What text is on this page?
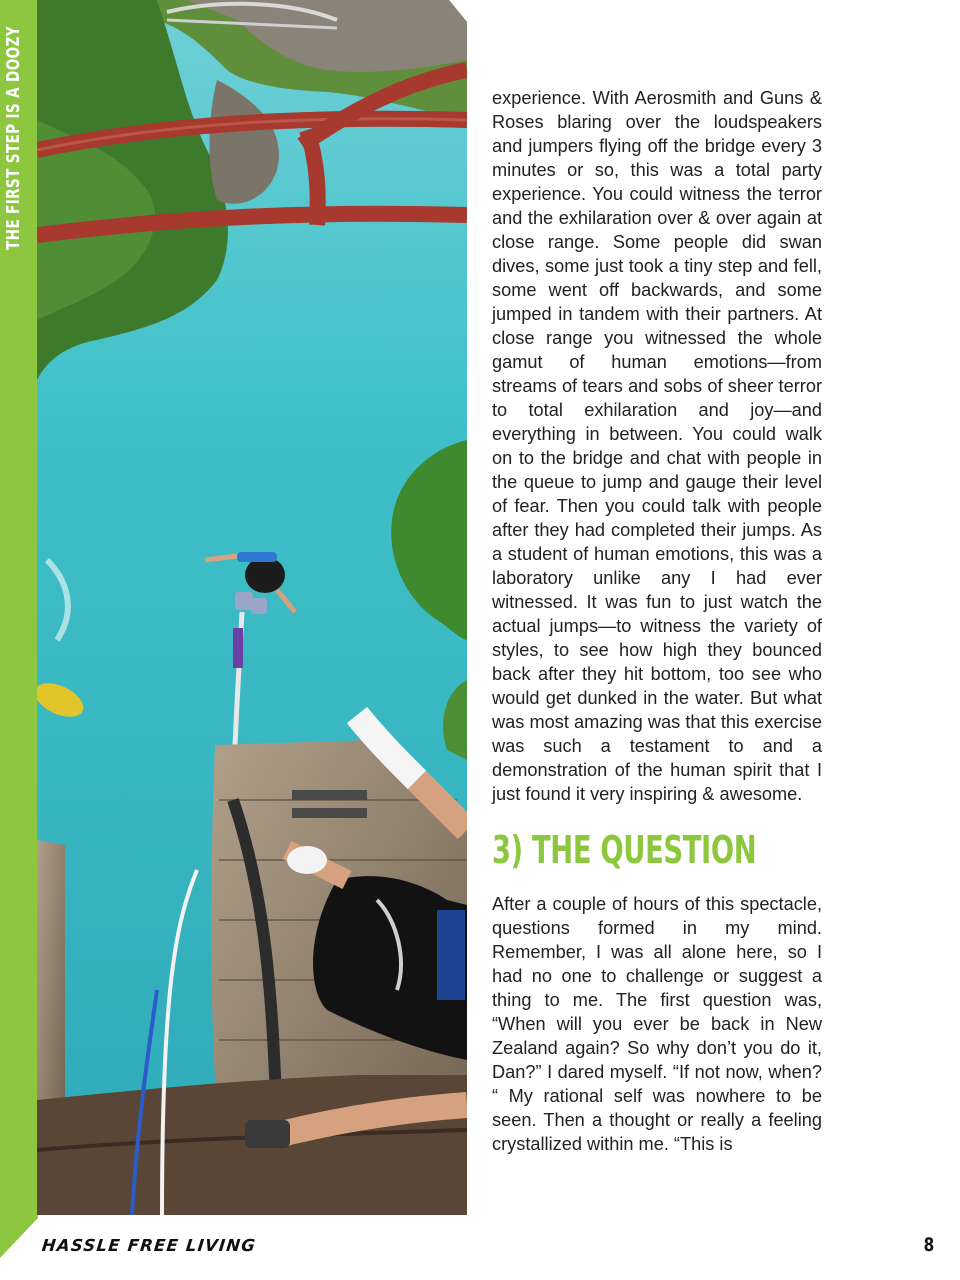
THE FIRST STEP IS A DOOZY	experience. With Aerosmith and Guns & Roses blaring over the loudspeakers and jumpers flying off the bridge every 3 minutes or so, this was a total party experience. You could witness the terror and the exhilaration over & over again at close range. Some people did swan dives, some just took a tiny step and fell, some went off backwards, and some jumped in tandem with their partners. At close range you witnessed the whole gamut of human emotions—from streams of tears and sobs of sheer terror to total exhilaration and joy—and everything in between. You could walk on to the bridge and chat with people in the queue to jump and gauge their level of fear. Then you could talk with people after they had completed their jumps. As a student of human emotions, this was a laboratory unlike any I had ever witnessed. It was fun to just watch the actual jumps—to witness the variety of styles, to see how high they bounced back after they hit bottom, too see who would get dunked in the water. But what was most amazing was that this exercise was such a testament to and a demonstration of the human spirit that I just found it very inspiring & awesome.

3) THE QUESTION

After a couple of hours of this spectacle, questions formed in my mind. Remember, I was all alone here, so I had no one to challenge or suggest a thing to me. The first question was, “When will you ever be back in New Zealand again? So why don’t you do it, Dan?” I dared myself. “If not now, when? “ My rational self was nowhere to be seen. Then a thought or really a feeling crystallized within me. “This is

HASSLE FREE LIVING	8
